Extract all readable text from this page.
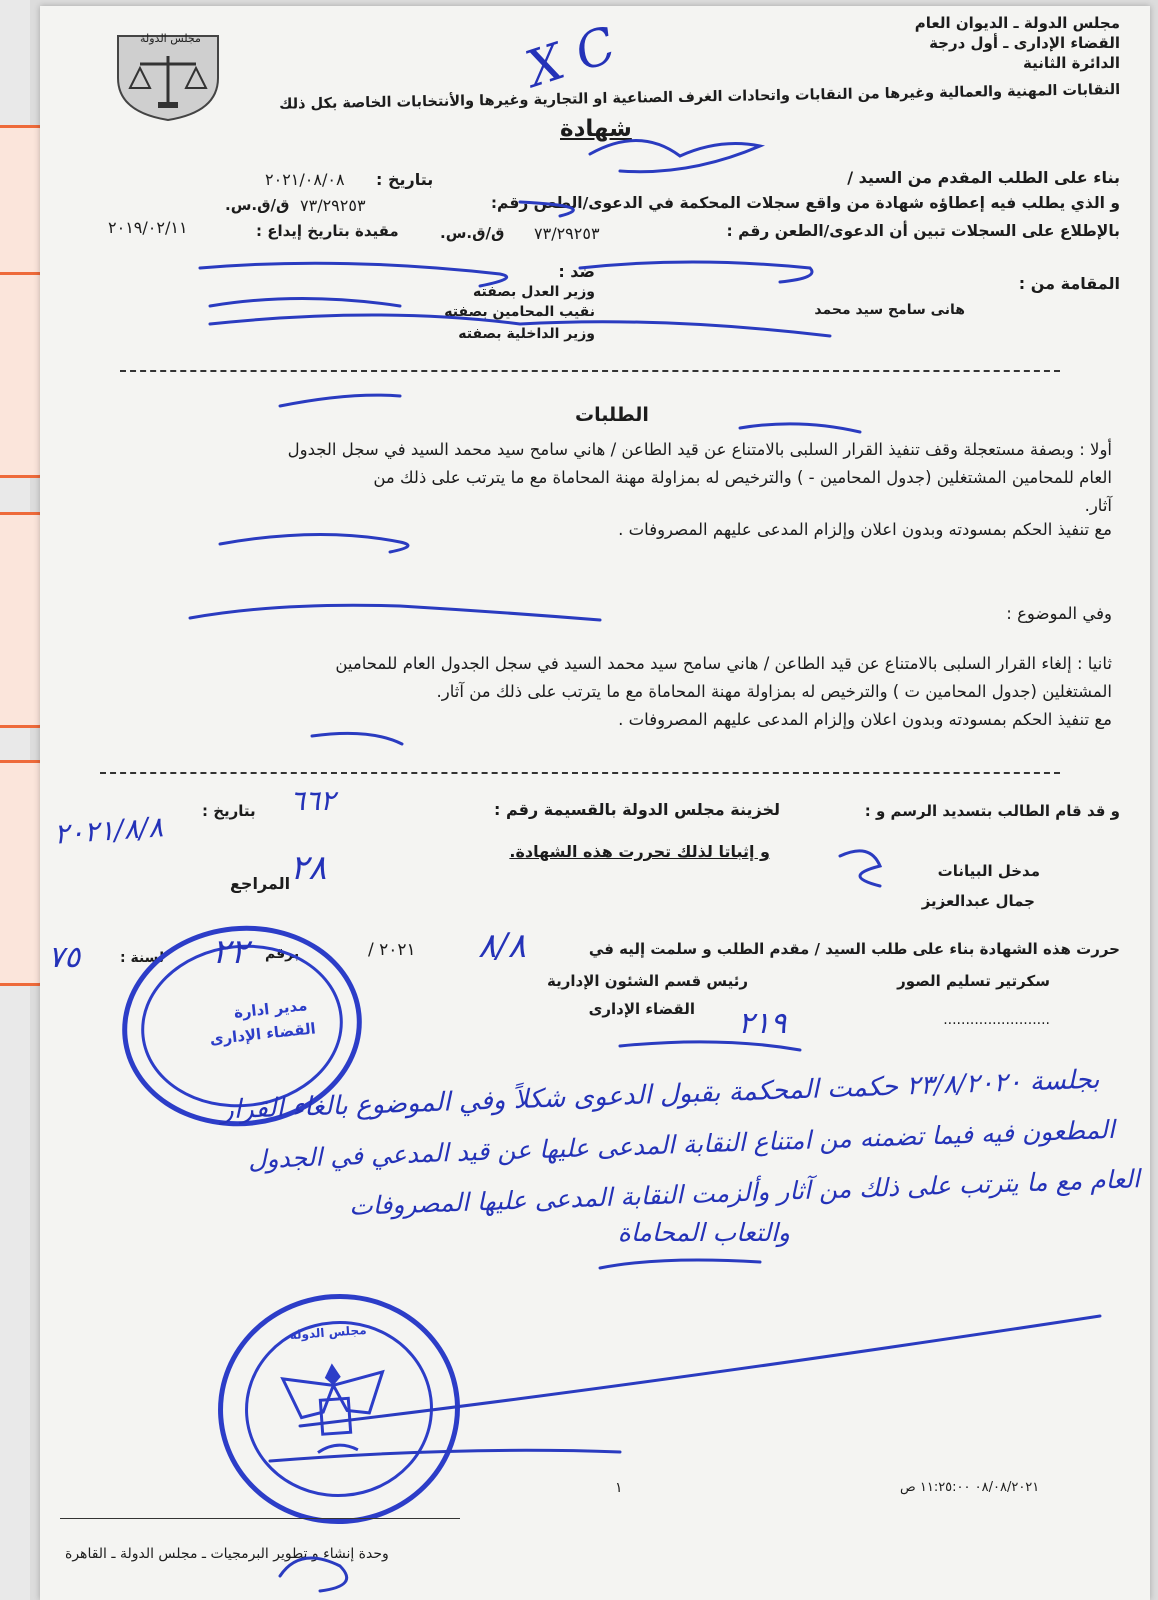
مجلس الدولة
مجلس الدولة ـ الديوان العام
القضاء الإدارى ـ أول درجة
الدائرة الثانية
النقابات المهنية والعمالية وغيرها من النقابات واتحادات الغرف الصناعية او التجارية وغيرها والأنتخابات الخاصة بكل ذلك
شهادة
بناء على الطلب المقدم من السيد /
بتاريخ :
٢٠٢١/٠٨/٠٨
و الذي يطلب فيه إعطاؤه شهادة من واقع سجلات المحكمة في الدعوى/الطعن رقم:
٧٣/٢٩٢٥٣
ق/ق.س.
بالإطلاع على السجلات تبين أن الدعوى/الطعن رقم :
٧٣/٢٩٢٥٣
ق/ق.س.
مقيدة بتاريخ إيداع :
٢٠١٩/٠٢/١١
المقامة من :
هانى سامح سيد محمد
ضد :
وزير العدل بصفته
نقيب المحامين بصفته
وزير الداخلية بصفته
الطلبات
أولا : وبصفة مستعجلة وقف تنفيذ القرار السلبى بالامتناع عن قيد الطاعن / هاني سامح سيد محمد السيد في سجل الجدول
العام للمحامين المشتغلين (جدول المحامين - ) والترخيص له بمزاولة مهنة المحاماة مع ما يترتب على ذلك من
آثار.
مع تنفيذ الحكم بمسودته وبدون اعلان وإلزام المدعى عليهم المصروفات .
وفي الموضوع :
ثانيا : إلغاء القرار السلبى بالامتناع عن قيد الطاعن / هاني سامح سيد محمد السيد في سجل الجدول العام للمحامين
المشتغلين (جدول المحامين ت ) والترخيص له بمزاولة مهنة المحاماة مع ما يترتب على ذلك من آثار.
مع تنفيذ الحكم بمسودته وبدون اعلان وإلزام المدعى عليهم المصروفات .
و قد قام الطالب بتسديد الرسم و :
لخزينة مجلس الدولة بالقسيمة رقم :
بتاريخ :
و إثباتا لذلك تحررت هذه الشهادة.
المراجع
مدخل البيانات
جمال عبدالعزيز
حررت هذه الشهادة بناء على طلب السيد / مقدم الطلب و سلمت إليه في
٢٠٢١ /
برقم
لسنة :
سكرتير تسليم الصور
رئيس قسم الشئون الإدارية
القضاء الإدارى
........................
مدير ادارة
القضاء الإدارى
مجلس الدولة
X C
٦٦٢
٢٠٢١/٨/٨
٢٨
٨/٨
٢٢
٧٥
٢١٩
بجلسة ٢٣/٨/٢٠٢٠ حكمت المحكمة بقبول الدعوى شكلاً وفي الموضوع بالغاء القرار
المطعون فيه فيما تضمنه من امتناع النقابة المدعى عليها عن قيد المدعي في الجدول
العام مع ما يترتب على ذلك من آثار وألزمت النقابة المدعى عليها المصروفات
والتعاب المحاماة
١	٠٨/٠٨/٢٠٢١ ١١:٢٥:٠٠ ص
وحدة إنشاء و تطوير البرمجيات ـ مجلس الدولة ـ القاهرة
